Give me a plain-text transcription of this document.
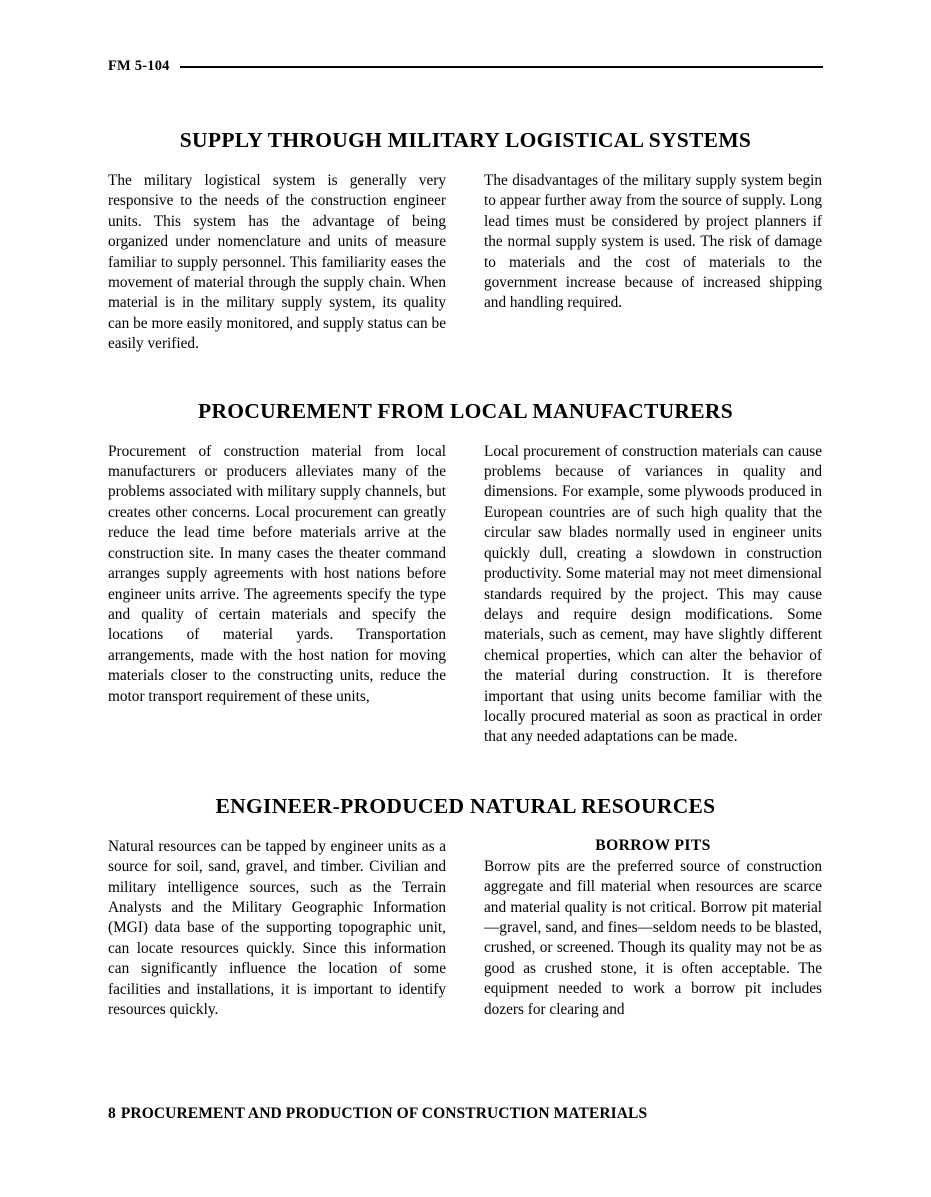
FM 5-104
SUPPLY THROUGH MILITARY LOGISTICAL SYSTEMS

The military logistical system is generally very responsive to the needs of the construction engineer units. This system has the advantage of being organized under nomenclature and units of measure familiar to supply personnel. This familiarity eases the movement of material through the supply chain. When material is in the military supply system, its quality can be more easily monitored, and supply status can be easily verified.

The disadvantages of the military supply system begin to appear further away from the source of supply. Long lead times must be considered by project planners if the normal supply system is used. The risk of damage to materials and the cost of materials to the government increase because of increased shipping and handling required.

PROCUREMENT FROM LOCAL MANUFACTURERS

Procurement of construction material from local manufacturers or producers alleviates many of the problems associated with military supply channels, but creates other concerns. Local procurement can greatly reduce the lead time before materials arrive at the construction site. In many cases the theater command arranges supply agreements with host nations before engineer units arrive. The agreements specify the type and quality of certain materials and specify the locations of material yards. Transportation arrangements, made with the host nation for moving materials closer to the constructing units, reduce the motor transport requirement of these units,

Local procurement of construction materials can cause problems because of variances in quality and dimensions. For example, some plywoods produced in European countries are of such high quality that the circular saw blades normally used in engineer units quickly dull, creating a slowdown in construction productivity. Some material may not meet dimensional standards required by the project. This may cause delays and require design modifications. Some materials, such as cement, may have slightly different chemical properties, which can alter the behavior of the material during construction. It is therefore important that using units become familiar with the locally procured material as soon as practical in order that any needed adaptations can be made.

ENGINEER-PRODUCED NATURAL RESOURCES

Natural resources can be tapped by engineer units as a source for soil, sand, gravel, and timber. Civilian and military intelligence sources, such as the Terrain Analysts and the Military Geographic Information (MGI) data base of the supporting topographic unit, can locate resources quickly. Since this information can significantly influence the location of some facilities and installations, it is important to identify resources quickly.

BORROW PITS

Borrow pits are the preferred source of construction aggregate and fill material when resources are scarce and material quality is not critical. Borrow pit material—gravel, sand, and fines—seldom needs to be blasted, crushed, or screened. Though its quality may not be as good as crushed stone, it is often acceptable. The equipment needed to work a borrow pit includes dozers for clearing and

8 PROCUREMENT AND PRODUCTION OF CONSTRUCTION MATERIALS
